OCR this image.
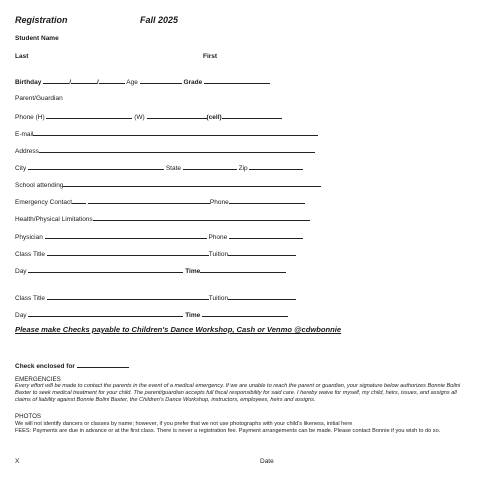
Registration	Fall 2025
Student Name
Last	First
Birthday	/	/	Age	Grade
Parent/Guardian
Phone (H)	(W)	(cell)
E-mail
Address
City	State	Zip
School attending
Emergency Contact	Phone
Health/Physical Limitations
Physician	Phone
Class Title	Tuition
Day	Time
Class Title	Tuition
Day	Time
Please make Checks payable to Children's Dance Workshop, Cash or Venmo @cdwbonnie
Check enclosed for
EMERGENCIES
Every effort will be made to contact the parents in the event of a medical emergency. If we are unable to reach the parent or guardian, your signature below authorizes Bonnie Bolini Baxter to seek medical treatment for your child. The parent/guardian accepts full fiscal responsibility for said care. I hereby waive for myself, my child, heirs, issues, and assigns all claims of liability against Bonnie Bolini Baxter, the Children's Dance Workshop, instructors, employees, heirs and assigns.
PHOTOS
We will not identify dancers or classes by name; however, if you prefer that we not use photographs with your child's likeness, initial here
FEES: Payments are due in advance or at the first class. There is never a registration fee. Payment arrangements can be made. Please contact Bonnie if you wish to do so.
X	Date
